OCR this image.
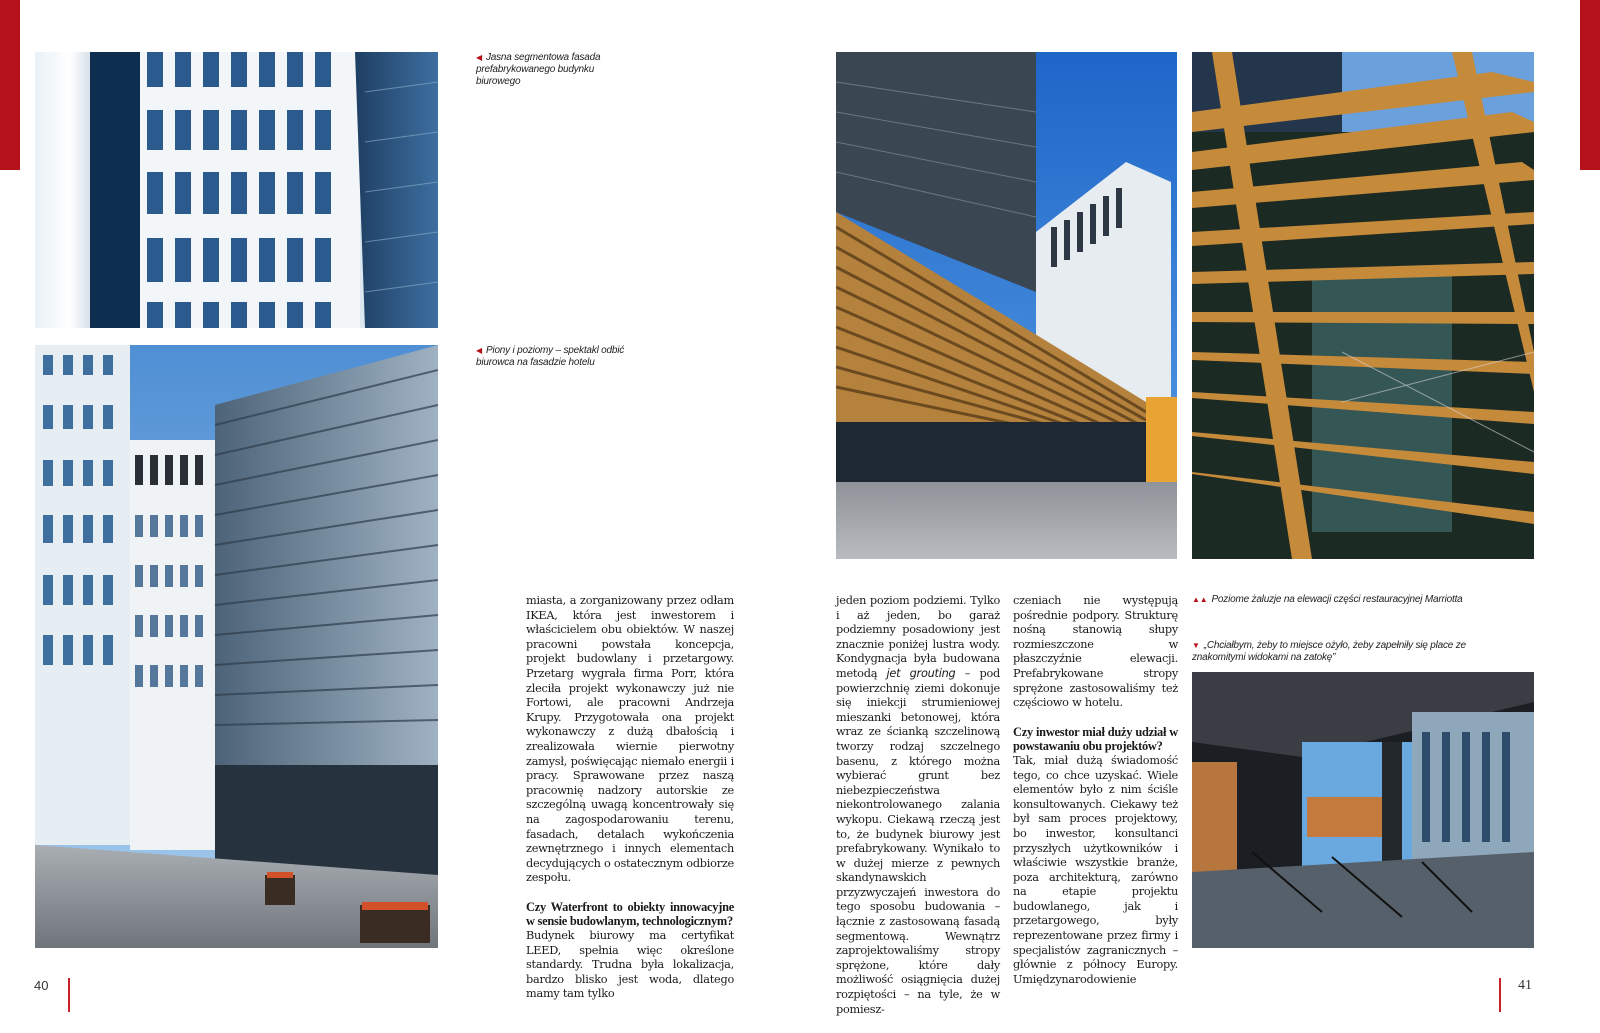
◀ Jasna segmentowa fasada prefabrykowanego budynku biurowego
◀ Piony i poziomy – spektakl odbić biurowca na fasadzie hotelu

miasta, a zorganizowany przez odłam IKEA, która jest inwestorem i właścicielem obu obiektów. W naszej pracowni powstała koncepcja, projekt budowlany i przetargowy. Przetarg wygrała firma Porr, która zleciła projekt wykonawczy już nie Fortowi, ale pracowni Andrzeja Krupy. Przygotowała ona projekt wykonawczy z dużą dbałością i zrealizowała wiernie pierwotny zamysł, poświęcając niemało energii i pracy. Sprawowane przez naszą pracownię nadzory autorskie ze szczególną uwagą koncentrowały się na zagospodarowaniu terenu, fasadach, detalach wykończenia zewnętrznego i innych elementach decydujących o ostatecznym odbiorze zespołu.

Czy Waterfront to obiekty innowacyjne w sensie budowlanym, technologicznym?

Budynek biurowy ma certyfikat LEED, spełnia więc określone standardy. Trudna była lokalizacja, bardzo blisko jest woda, dlatego mamy tam tylko

jeden poziom podziemi. Tylko i aż jeden, bo garaż podziemny posadowiony jest znacznie poniżej lustra wody. Kondygnacja była budowana metodą jet grouting – pod powierzchnię ziemi dokonuje się iniekcji strumieniowej mieszanki betonowej, która wraz ze ścianką szczelinową tworzy rodzaj szczelnego basenu, z którego można wybierać grunt bez niebezpieczeństwa niekontrolowanego zalania wykopu. Ciekawą rzeczą jest to, że budynek biurowy jest prefabrykowany. Wynikało to w dużej mierze z pewnych skandynawskich przyzwyczajeń inwestora do tego sposobu budowania – łącznie z zastosowaną fasadą segmentową. Wewnątrz zaprojektowaliśmy stropy sprężone, które dały możliwość osiągnięcia dużej rozpiętości – na tyle, że w pomiesz-

czeniach nie występują pośrednie podpory. Strukturę nośną stanowią słupy rozmieszczone w płaszczyźnie elewacji. Prefabrykowane stropy sprężone zastosowaliśmy też częściowo w hotelu.

Czy inwestor miał duży udział w powstawaniu obu projektów?

Tak, miał dużą świadomość tego, co chce uzyskać. Wiele elementów było z nim ściśle konsultowanych. Ciekawy też był sam proces projektowy, bo inwestor, konsultanci przyszłych użytkowników i właściwie wszystkie branże, poza architekturą, zarówno na etapie projektu budowlanego, jak i przetargowego, były reprezentowane przez firmy i specjalistów zagranicznych – głównie z północy Europy. Umiędzynarodowienie

▲▲ Poziome żaluzje na elewacji części restauracyjnej Marriotta
▼ „Chciałbym, żeby to miejsce ożyło, żeby zapełniły się place ze znakomitymi widokami na zatokę”
40	41
